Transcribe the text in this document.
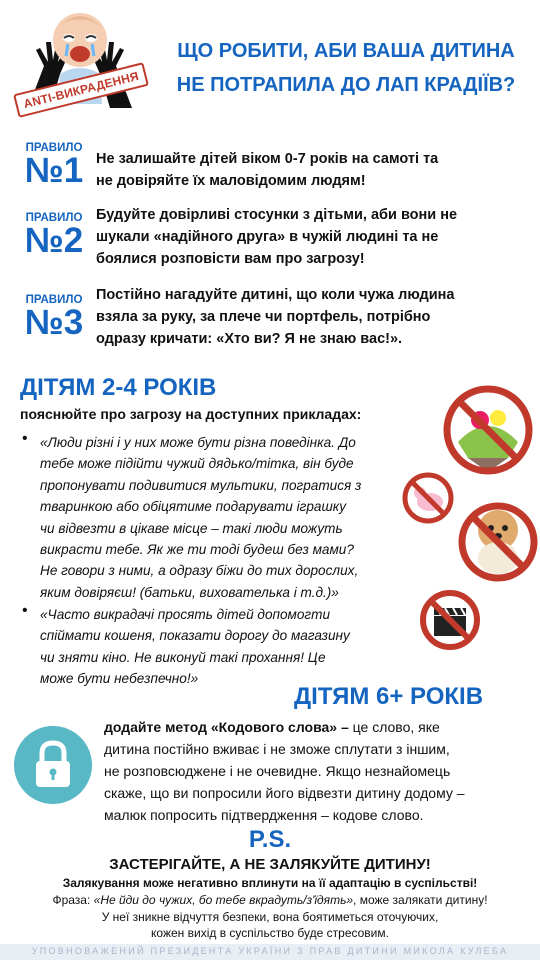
ANTI-ВИКРАДЕННЯ
ЩО РОБИТИ, АБИ ВАША ДИТИНА
НЕ ПОТРАПИЛА ДО ЛАП КРАДІЇВ?
ПРАВИЛО
№1 Не залишайте дітей віком 0-7 років на самоті та
не довіряйте їх маловідомим людям!
ПРАВИЛО
№2
Будуйте довірливі стосунки з дітьми, аби вони не
шукали «надійного друга» в чужій людині та не
боялися розповісти вам про загрозу!
ПРАВИЛО
№3
Постійно нагадуйте дитині, що коли чужа людина
взяла за руку, за плече чи портфель, потрібно
одразу кричати: «Хто ви? Я не знаю вас!».
ДІТЯМ 2-4 РОКІВ
пояснюйте про загрозу на доступних прикладах:
• «Люди різні і у них може бути різна поведінка. До
тебе може підійти чужий дядько/тітка, він буде
пропонувати подивитися мультики, погратися з
тваринкою або обіцятиме подарувати іграшку
чи відвезти в цікаве місце – такі люди можуть
викрасти тебе. Як же ти тоді будеш без мами?
Не говори з ними, а одразу біжи до тих дорослих,
яким довіряєш! (батьки, вихователька і т.д.)»
• «Часто викрадачі просять дітей допомогти
спіймати кошеня, показати дорогу до магазину
чи зняти кіно. Не виконуй такі прохання! Це
може бути небезпечно!»
ДІТЯМ 6+ РОКІВ
додайте метод «Кодового слова» – це слово, яке
дитина постійно вживає і не зможе сплутати з іншим,
не розповсюджене і не очевидне. Якщо незнайомець
скаже, що ви попросили його відвезти дитину додому –
малюк попросить підтвердження – кодове слово.
P.S.
ЗАСТЕРІГАЙТЕ, А НЕ ЗАЛЯКУЙТЕ ДИТИНУ!
Залякування може негативно вплинути на її адаптацію в суспільстві!
Фраза: «Не йди до чужих, бо тебе вкрадуть/з'їдять», може залякати дитину!
У неї зникне відчуття безпеки, вона боятиметься оточуючих,
кожен вихід в суспільство буде стресовим.
УПОВНОВАЖЕНИЙ ПРЕЗИДЕНТА УКРАЇНИ З ПРАВ ДИТИНИ МИКОЛА КУЛЕБА
